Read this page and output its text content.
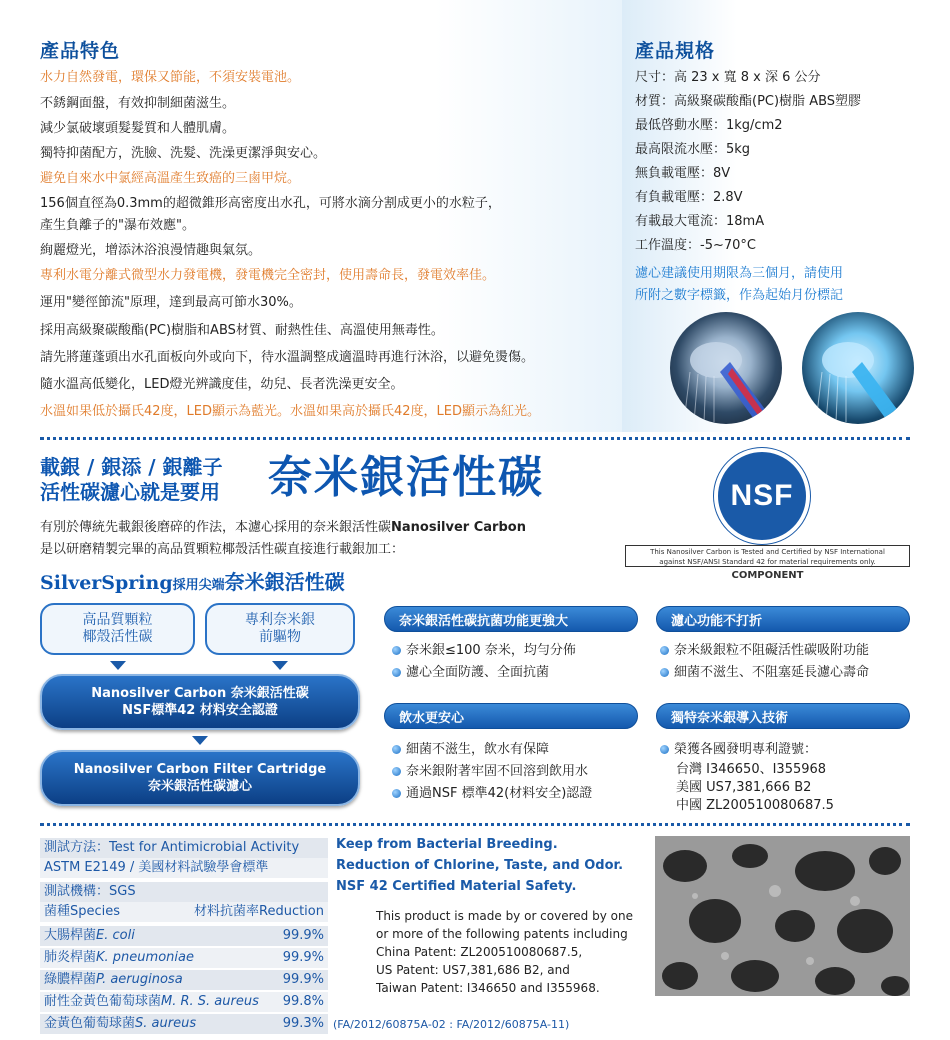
產品特色
水力自然發電，環保又節能，不須安裝電池。
不銹鋼面盤，有效抑制細菌滋生。
減少氯破壞頭髮髮質和人體肌膚。
獨特抑菌配方，洗臉、洗髮、洗澡更潔淨與安心。
避免自來水中氯經高溫產生致癌的三鹵甲烷。
156個直徑為0.3mm的超微錐形高密度出水孔，可將水滴分割成更小的水粒子，
產生負離子的"瀑布效應"。
絢麗燈光，增添沐浴浪漫情趣與氣氛。
專利水電分離式微型水力發電機，發電機完全密封，使用壽命長，發電效率佳。
運用"變徑節流"原理，達到最高可節水30%。
採用高級聚碳酸酯(PC)樹脂和ABS材質、耐熱性佳、高溫使用無毒性。
請先將蓮蓬頭出水孔面板向外或向下，待水溫調整成適溫時再進行沐浴，以避免燙傷。
隨水溫高低變化，LED燈光辨識度佳，幼兒、長者洗澡更安全。
水溫如果低於攝氏42度，LED顯示為藍光。水溫如果高於攝氏42度，LED顯示為紅光。
產品規格
尺寸：高 23 x 寬 8 x 深 6 公分
材質：高級聚碳酸酯(PC)樹脂 ABS塑膠
最低啓動水壓：1kg/cm2
最高限流水壓：5kg
無負載電壓：8V
有負載電壓：2.8V
有載最大電流：18mA
工作溫度：-5~70°C
濾心建議使用期限為三個月，請使用
所附之數字標籤，作為起始月份標記
載銀 / 銀添 / 銀離子
活性碳濾心就是要用 奈米銀活性碳
有別於傳統先載銀後磨碎的作法，本濾心採用的奈米銀活性碳Nanosilver Carbon
是以研磨精製完畢的高品質顆粒椰殼活性碳直接進行載銀加工：
NSF
This Nanosilver Carbon is Tested and Certified by NSF International
against NSF/ANSI Standard 42 for material requirements only.
COMPONENT
SilverSpring採用尖端奈米銀活性碳
高品質顆粒
椰殼活性碳
專利奈米銀
前驅物
Nanosilver Carbon 奈米銀活性碳
NSF標準42 材料安全認證
Nanosilver Carbon Filter Cartridge
奈米銀活性碳濾心
奈米銀活性碳抗菌功能更強大
奈米銀≤100 奈米，均勻分佈
濾心全面防護、全面抗菌
濾心功能不打折
奈米級銀粒不阻礙活性碳吸附功能
細菌不滋生、不阻塞延長濾心壽命
飲水更安心
細菌不滋生，飲水有保障
奈米銀附著牢固不回溶到飲用水
通過NSF 標準42(材料安全)認證
獨特奈米銀導入技術
榮獲各國發明專利證號：
台灣 I346650、I355968
美國 US7,381,666 B2
中國 ZL200510080687.5
測試方法：Test for Antimicrobial Activity
ASTM E2149 / 美國材料試驗學會標準
測試機構：SGS
菌種Species	材料抗菌率Reduction
大腸桿菌E. coli	99.9%
肺炎桿菌K. pneumoniae	99.9%
綠膿桿菌P. aeruginosa	99.9%
耐性金黃色葡萄球菌M. R. S. aureus 99.8%
金黃色葡萄球菌S. aureus	99.3% (FA/2012/60875A-02 : FA/2012/60875A-11)
Keep from Bacterial Breeding.
Reduction of Chlorine, Taste, and Odor.
NSF 42 Certified Material Safety.
This product is made by or covered by one
or more of the following patents including
China Patent: ZL200510080687.5,
US Patent: US7,381,686 B2, and
Taiwan Patent: I346650 and I355968.
